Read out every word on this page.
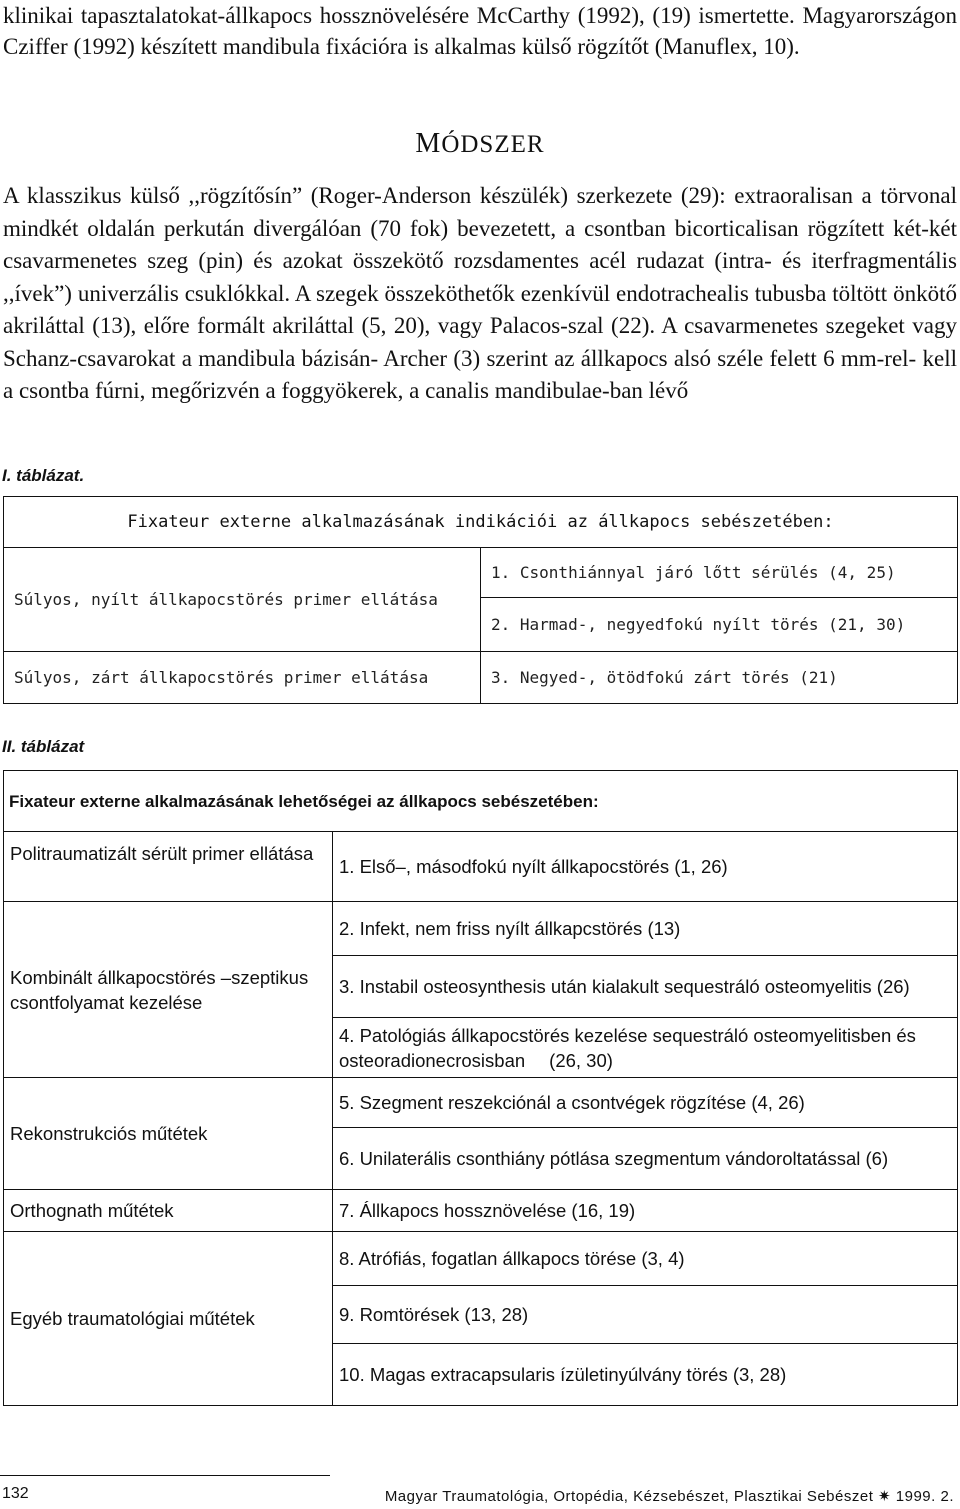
klinikai tapasztalatokat-állkapocs hossznövelésére McCarthy (1992), (19) ismertette. Magyarországon Cziffer (1992) készített mandibula fixációra is alkalmas külső rögzítőt (Manuflex, 10).

MÓDSZER

A klasszikus külső ,,rögzítősín” (Roger-Anderson készülék) szerkezete (29): extraoralisan a törvonal mindkét oldalán perkután divergálóan (70 fok) bevezetett, a csontban bicorticalisan rögzített két-két csavarmenetes szeg (pin) és azokat összekötő rozsdamentes acél rudazat (intra- és iterfragmentális ,,ívek”) univerzális csuklókkal. A szegek összeköthetők ezenkívül endotrachealis tubusba töltött önkötő akriláttal (13), előre formált akriláttal (5, 20), vagy Palacos-szal (22). A csavarmenetes szegeket vagy Schanz-csavarokat a mandibula bázisán- Archer (3) szerint az állkapocs alsó széle felett 6 mm-rel- kell a csontba fúrni, megőrizvén a foggyökerek, a canalis mandibulae-ban lévő

I. táblázat.
Fixateur externe alkalmazásának indikációi az állkapocs sebészetében:	
Súlyos, nyílt állkapocstörés primer ellátása	1. Csonthiánnyal járó lőtt sérülés (4, 25)
	2. Harmad-, negyedfokú nyílt törés (21, 30)
Súlyos, zárt állkapocstörés primer ellátása	3. Negyed-, ötödfokú zárt törés (21)
II. táblázat
Fixateur externe alkalmazásának lehetőségei az állkapocs sebészetében:	
Politraumatizált sérült primer ellátása	1. Első–, másodfokú nyílt állkapocstörés (1, 26)
Kombinált állkapocstörés –szeptikus csontfolyamat kezelése	2. Infekt, nem friss nyílt állkapcstörés (13)
	3. Instabil osteosynthesis után kialakult sequestráló osteomyelitis (26)
	4. Patológiás állkapocstörés kezelése sequestráló osteomyelitisben és osteoradionecrosisban (26, 30)
Rekonstrukciós műtétek	5. Szegment reszekciónál a csontvégek rögzítése (4, 26)
	6. Unilaterális csonthiány pótlása szegmentum vándoroltatással (6)
Orthognath műtétek	7. Állkapocs hossznövelése (16, 19)
Egyéb traumatológiai műtétek	8. Atrófiás, fogatlan állkapocs törése (3, 4)
	9. Romtörések (13, 28)
	10. Magas extracapsularis ízületinyúlvány törés (3, 28)
132	Magyar Traumatológia, Ortopédia, Kézsebészet, Plasztikai Sebészet ✷ 1999. 2.
